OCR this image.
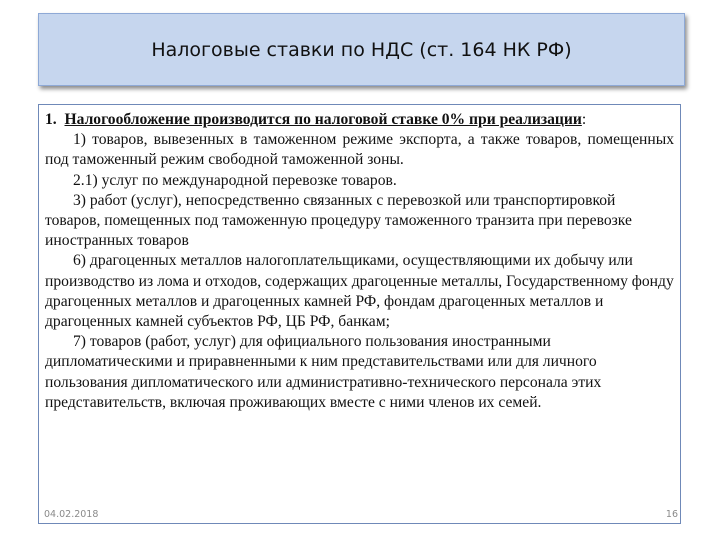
Налоговые ставки по НДС (ст. 164 НК РФ)

1. Налогообложение производится по налоговой ставке 0% при реализации:

1) товаров, вывезенных в таможенном режиме экспорта, а также товаров, помещенных под таможенный режим свободной таможенной зоны.

2.1) услуг по международной перевозке товаров.

3) работ (услуг), непосредственно связанных с перевозкой или транспортировкой товаров, помещенных под таможенную процедуру таможенного транзита при перевозке иностранных товаров

6) драгоценных металлов налогоплательщиками, осуществляющими их добычу или производство из лома и отходов, содержащих драгоценные металлы, Государственному фонду драгоценных металлов и драгоценных камней РФ, фондам драгоценных металлов и драгоценных камней субъектов РФ, ЦБ РФ, банкам;

7) товаров (работ, услуг) для официального пользования иностранными дипломатическими и приравненными к ним представительствами или для личного пользования дипломатического или административно-технического персонала этих представительств, включая проживающих вместе с ними членов их семей.

04.02.2018	16
